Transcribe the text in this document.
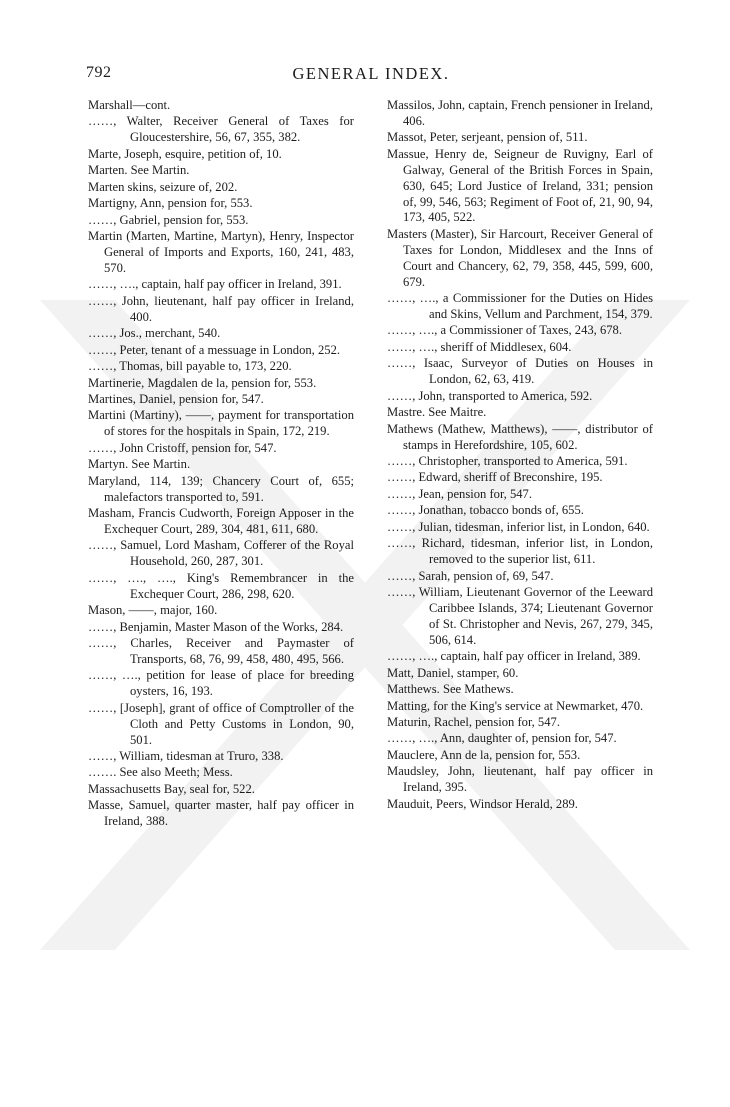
792	GENERAL INDEX.
Marshall—cont.
……, Walter, Receiver General of Taxes for Gloucestershire, 56, 67, 355, 382.
Marte, Joseph, esquire, petition of, 10.
Marten. See Martin.
Marten skins, seizure of, 202.
Martigny, Ann, pension for, 553.
……, Gabriel, pension for, 553.
Martin (Marten, Martine, Martyn), Henry, Inspector General of Imports and Exports, 160, 241, 483, 570.
……, …., captain, half pay officer in Ireland, 391.
……, John, lieutenant, half pay officer in Ireland, 400.
……, Jos., merchant, 540.
……, Peter, tenant of a messuage in London, 252.
……, Thomas, bill payable to, 173, 220.
Martinerie, Magdalen de la, pension for, 553.
Martines, Daniel, pension for, 547.
Martini (Martiny), ——, payment for transportation of stores for the hospitals in Spain, 172, 219.
……, John Cristoff, pension for, 547.
Martyn. See Martin.
Maryland, 114, 139; Chancery Court of, 655; malefactors transported to, 591.
Masham, Francis Cudworth, Foreign Apposer in the Exchequer Court, 289, 304, 481, 611, 680.
……, Samuel, Lord Masham, Cofferer of the Royal Household, 260, 287, 301.
……, …., …., King's Remembrancer in the Exchequer Court, 286, 298, 620.
Mason, ——, major, 160.
……, Benjamin, Master Mason of the Works, 284.
……, Charles, Receiver and Paymaster of Transports, 68, 76, 99, 458, 480, 495, 566.
……, …., petition for lease of place for breeding oysters, 16, 193.
……, [Joseph], grant of office of Comptroller of the Cloth and Petty Customs in London, 90, 501.
……, William, tidesman at Truro, 338.
……. See also Meeth; Mess.
Massachusetts Bay, seal for, 522.
Masse, Samuel, quarter master, half pay officer in Ireland, 388.
Massilos, John, captain, French pensioner in Ireland, 406.
Massot, Peter, serjeant, pension of, 511.
Massue, Henry de, Seigneur de Ruvigny, Earl of Galway, General of the British Forces in Spain, 630, 645; Lord Justice of Ireland, 331; pension of, 99, 546, 563; Regiment of Foot of, 21, 90, 94, 173, 405, 522.
Masters (Master), Sir Harcourt, Receiver General of Taxes for London, Middlesex and the Inns of Court and Chancery, 62, 79, 358, 445, 599, 600, 679.
……, …., a Commissioner for the Duties on Hides and Skins, Vellum and Parchment, 154, 379.
……, …., a Commissioner of Taxes, 243, 678.
……, …., sheriff of Middlesex, 604.
……, Isaac, Surveyor of Duties on Houses in London, 62, 63, 419.
……, John, transported to America, 592.
Mastre. See Maitre.
Mathews (Mathew, Matthews), ——, distributor of stamps in Herefordshire, 105, 602.
……, Christopher, transported to America, 591.
……, Edward, sheriff of Breconshire, 195.
……, Jean, pension for, 547.
……, Jonathan, tobacco bonds of, 655.
……, Julian, tidesman, inferior list, in London, 640.
……, Richard, tidesman, inferior list, in London, removed to the superior list, 611.
……, Sarah, pension of, 69, 547.
……, William, Lieutenant Governor of the Leeward Caribbee Islands, 374; Lieutenant Governor of St. Christopher and Nevis, 267, 279, 345, 506, 614.
……, …., captain, half pay officer in Ireland, 389.
Matt, Daniel, stamper, 60.
Matthews. See Mathews.
Matting, for the King's service at Newmarket, 470.
Maturin, Rachel, pension for, 547.
……, …., Ann, daughter of, pension for, 547.
Mauclere, Ann de la, pension for, 553.
Maudsley, John, lieutenant, half pay officer in Ireland, 395.
Mauduit, Peers, Windsor Herald, 289.
